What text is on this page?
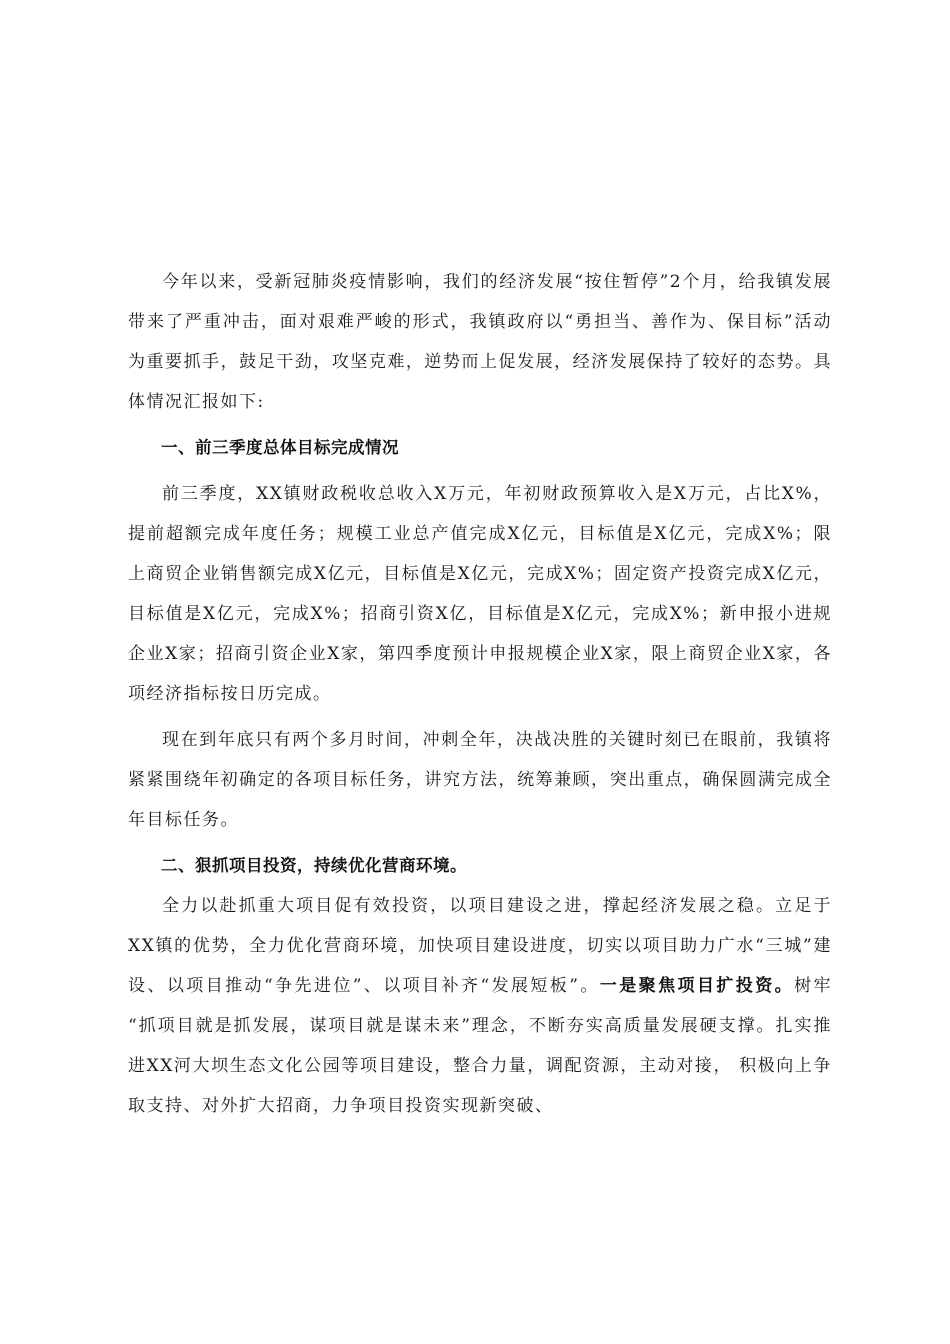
今年以来，受新冠肺炎疫情影响，我们的经济发展“按住暂停”2个月，给我镇发展带来了严重冲击，面对艰难严峻的形式，我镇政府以“勇担当、善作为、保目标”活动为重要抓手，鼓足干劲，攻坚克难，逆势而上促发展，经济发展保持了较好的态势。具体情况汇报如下:

一、前三季度总体目标完成情况

前三季度，XX镇财政税收总收入X万元，年初财政预算收入是X万元，占比X%，提前超额完成年度任务；规模工业总产值完成X亿元，目标值是X亿元，完成X%；限上商贸企业销售额完成X亿元，目标值是X亿元，完成X%；固定资产投资完成X亿元，目标值是X亿元，完成X%；招商引资X亿，目标值是X亿元，完成X%；新申报小进规企业X家；招商引资企业X家，第四季度预计申报规模企业X家，限上商贸企业X家，各项经济指标按日历完成。

现在到年底只有两个多月时间，冲刺全年，决战决胜的关键时刻已在眼前，我镇将紧紧围绕年初确定的各项目标任务，讲究方法，统筹兼顾，突出重点，确保圆满完成全年目标任务。

二、狠抓项目投资，持续优化营商环境。

全力以赴抓重大项目促有效投资，以项目建设之进，撑起经济发展之稳。立足于XX镇的优势，全力优化营商环境，加快项目建设进度，切实以项目助力广水“三城”建设、以项目推动“争先进位”、以项目补齐“发展短板”。一是聚焦项目扩投资。树牢 “抓项目就是抓发展，谋项目就是谋未来”理念，不断夯实高质量发展硬支撑。扎实推进XX河大坝生态文化公园等项目建设，整合力量，调配资源，主动对接， 积极向上争取支持、对外扩大招商，力争项目投资实现新突破、
